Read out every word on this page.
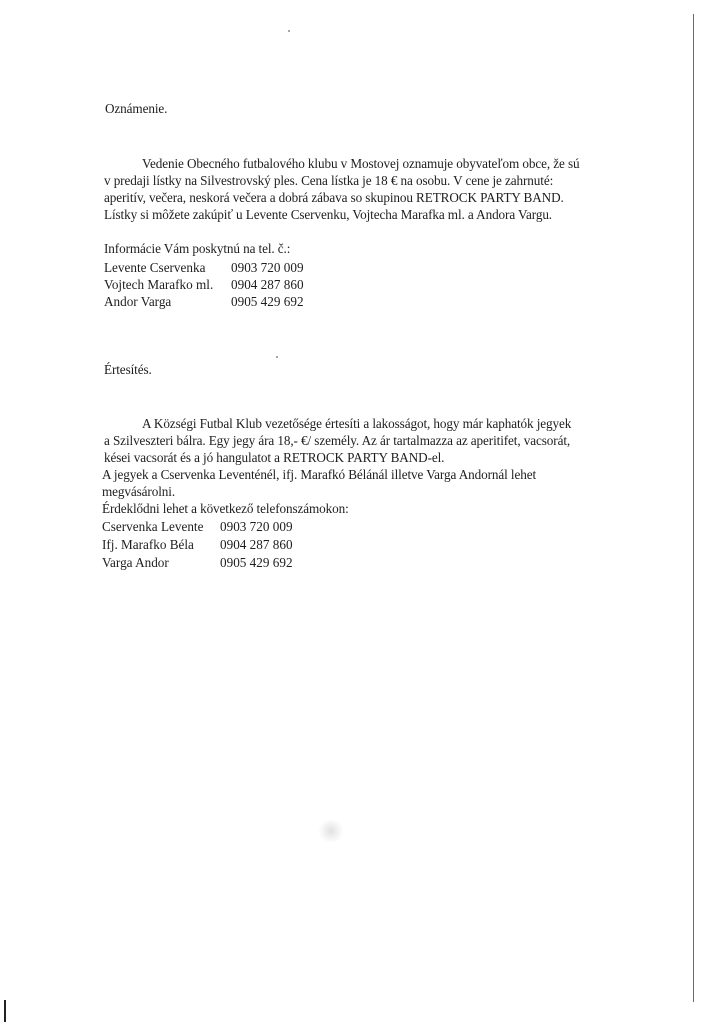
Oznámenie.
Vedenie Obecného futbalového klubu v Mostovej oznamuje obyvateľom obce, že sú
v predaji lístky na Silvestrovský ples. Cena lístka je 18 € na osobu. V cene je zahrnuté:
aperitív, večera, neskorá večera a dobrá zábava so skupinou RETROCK PARTY BAND.
Lístky si môžete zakúpiť u Levente Cservenku, Vojtecha Marafka ml. a Andora Vargu.
Informácie Vám poskytnú na tel. č.:
Levente Cservenka 0903 720 009
Vojtech Marafko ml. 0904 287 860
Andor Varga	0905 429 692
Értesítés.
A Községi Futbal Klub vezetősége értesíti a lakosságot, hogy már kaphatók jegyek
a Szilveszteri bálra. Egy jegy ára 18,- €/ személy. Az ár tartalmazza az aperitifet, vacsorát,
kései vacsorát és a jó hangulatot a RETROCK PARTY BAND-el.
A jegyek a Cservenka Leventénél, ifj. Marafkó Bélánál illetve Varga Andornál lehet
megvásárolni.
Érdeklődni lehet a következő telefonszámokon:
Cservenka Levente 0903 720 009
Ifj. Marafko Béla 0904 287 860
Varga Andor	0905 429 692
